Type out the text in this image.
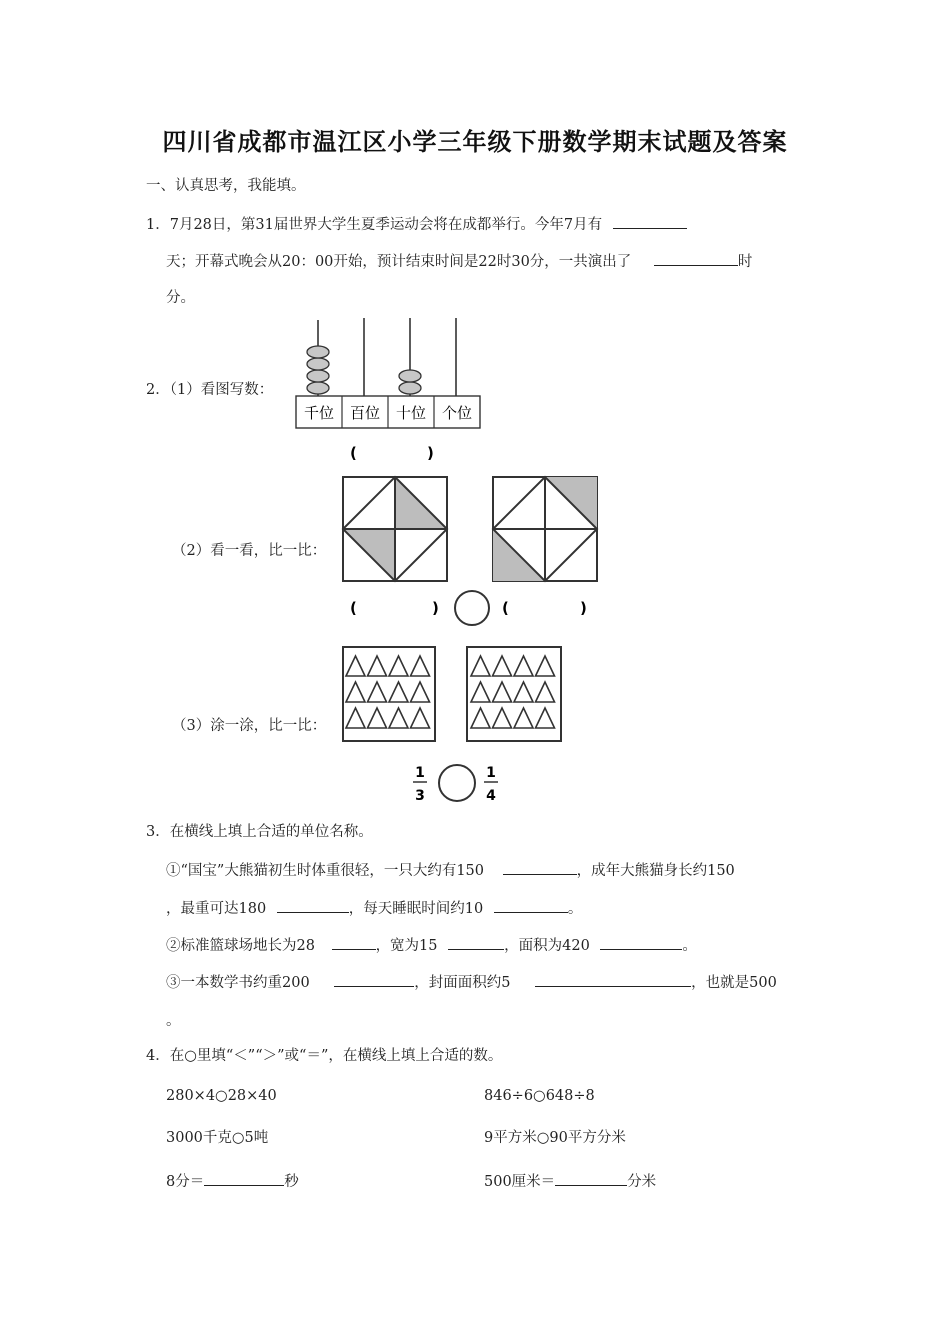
四川省成都市温江区小学三年级下册数学期末试题及答案
一、认真思考，我能填。
1．7月28日，第31届世界大学生夏季运动会将在成都举行。今年7月有
天；开幕式晚会从20：00开始，预计结束时间是22时30分，一共演出了	时
分。
2．（1）看图写数：
千位 百位 十位 个位
(	)
（2）看一看，比一比：
(	)	(	)
（3）涂一涂，比一比：
1
3
1
4
3．在横线上填上合适的单位名称。
①“国宝”大熊猫初生时体重很轻，一只大约有150	，成年大熊猫身长约150
，最重可达180	，每天睡眠时间约10	。
②标准篮球场地长为28	，宽为15	，面积为420	。
③一本数学书约重200	，封面面积约5	，也就是500
。
4．在○里填“＜”“＞”或“＝”，在横线上填上合适的数。
280×4○28×40	846÷6○648÷8
3000千克○5吨	9平方米○90平方分米
8分＝	秒	500厘米＝	分米
